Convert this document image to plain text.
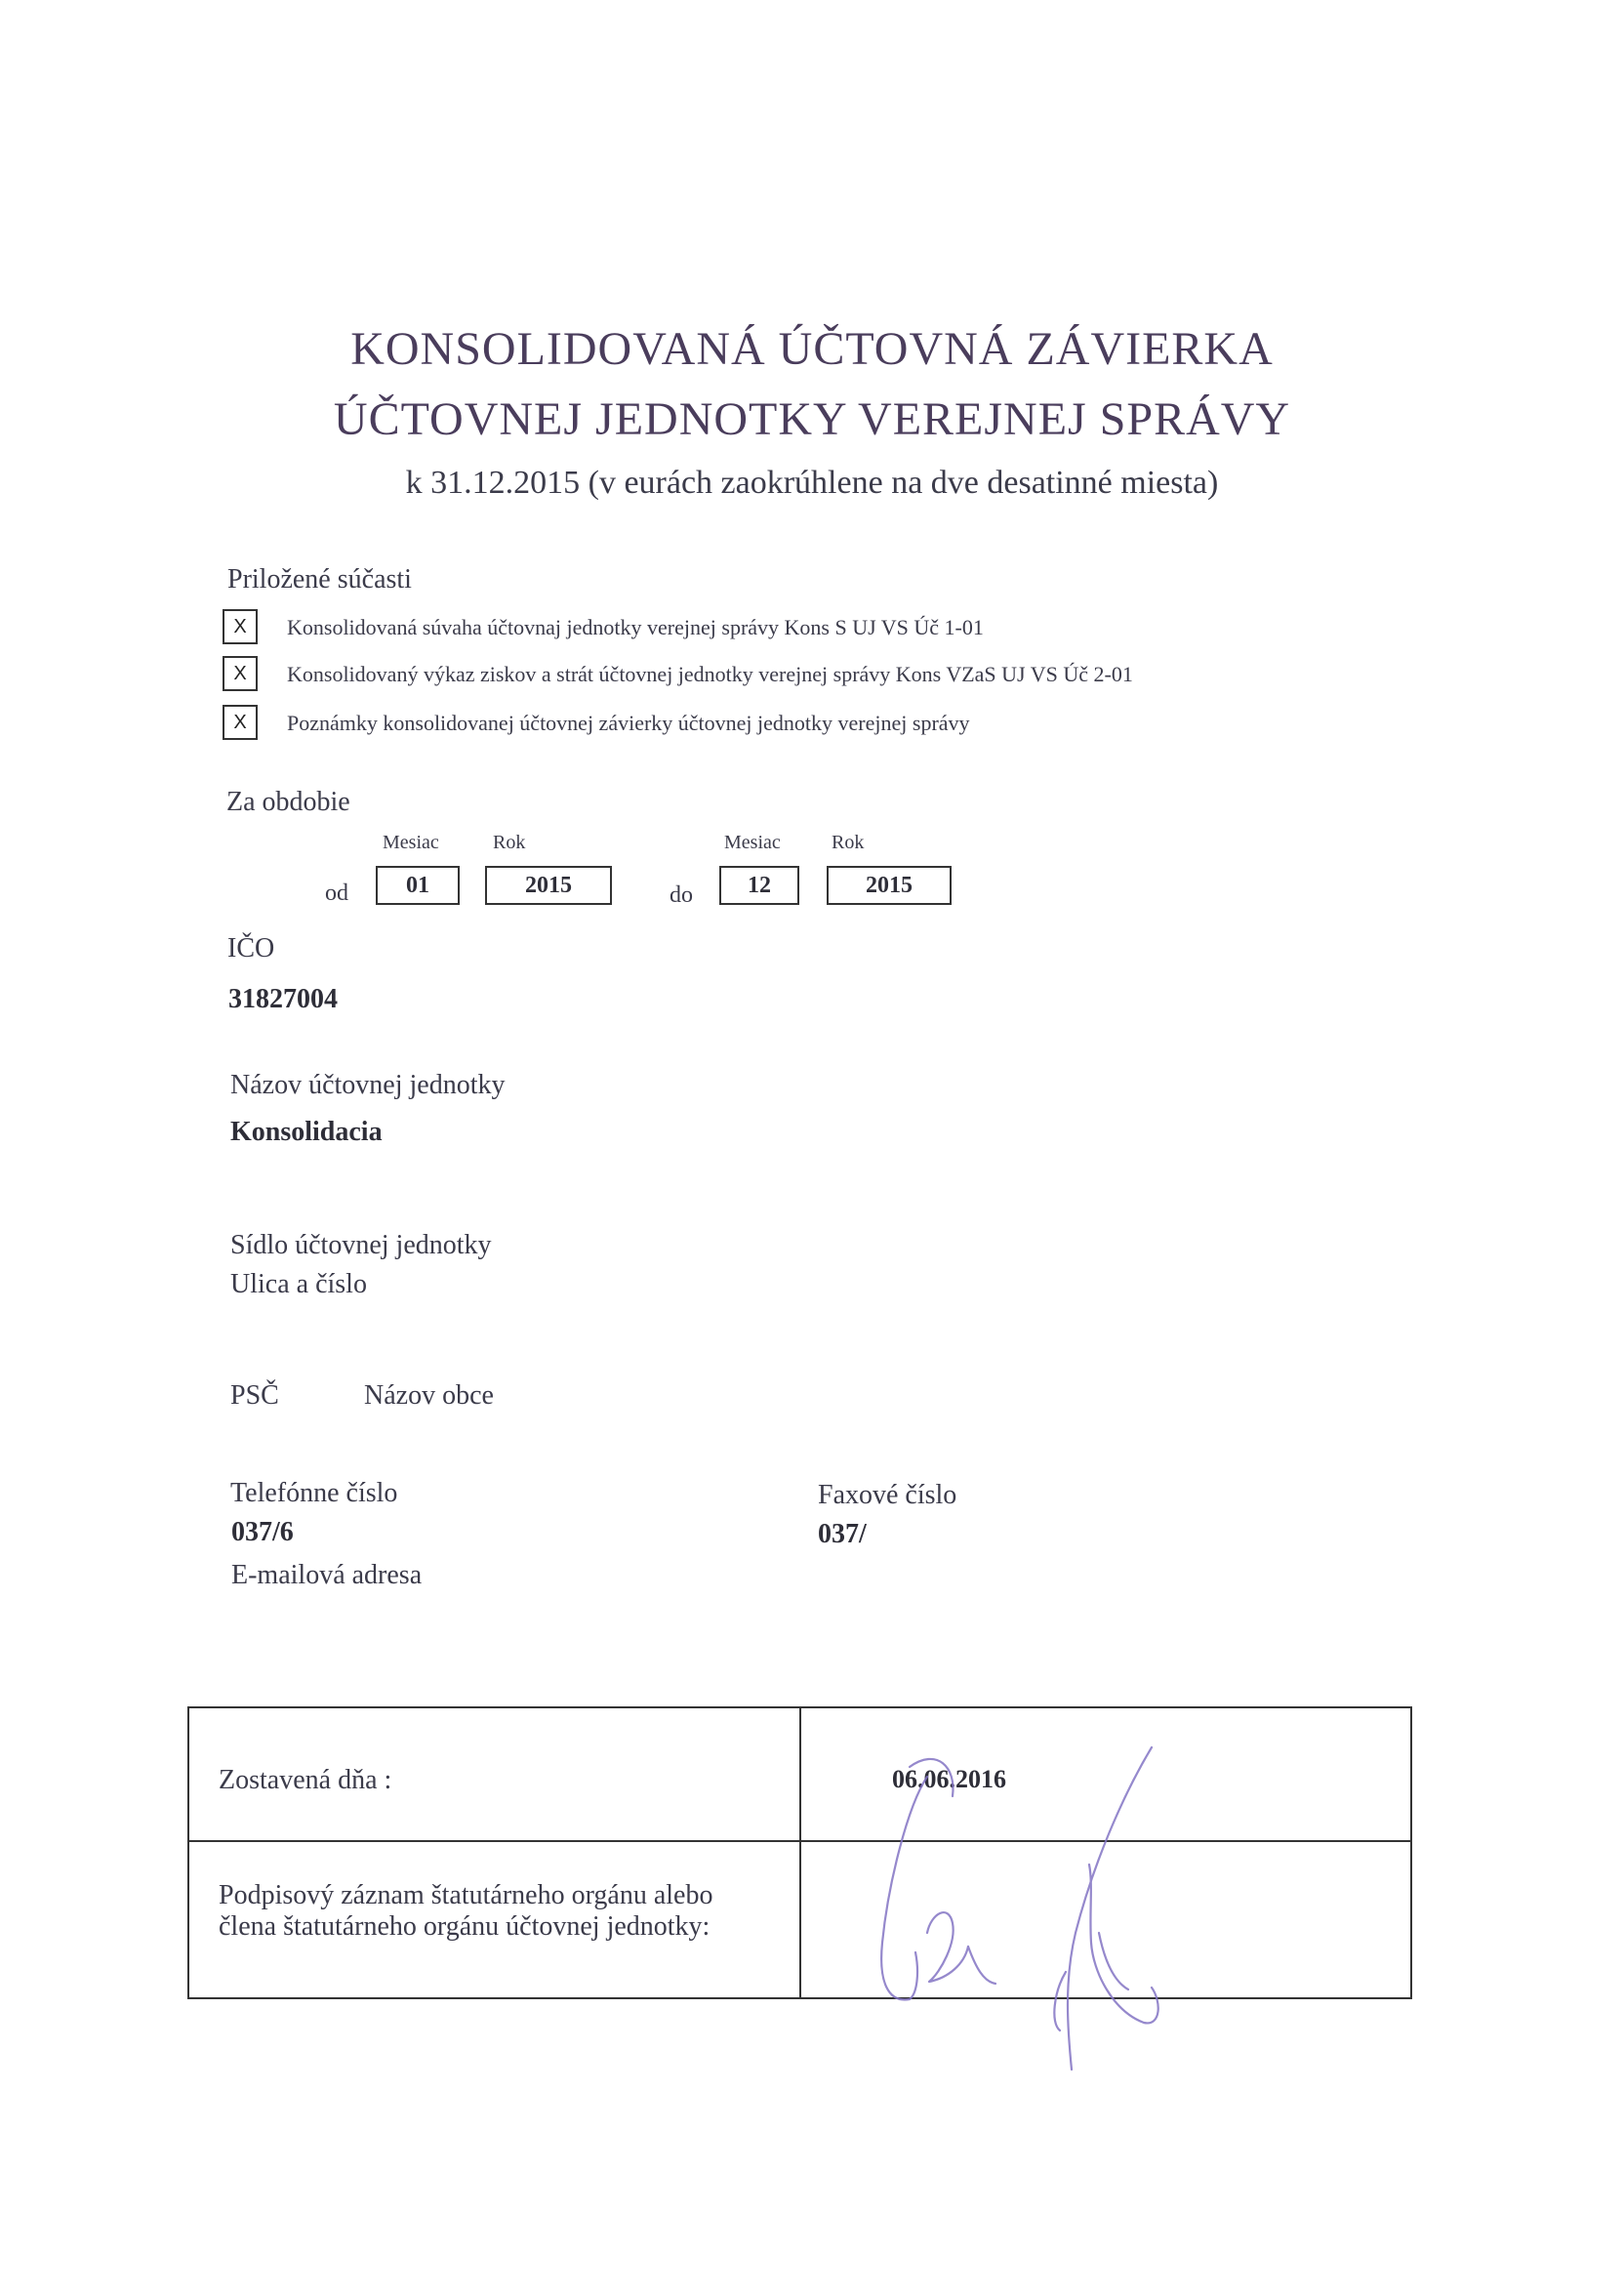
KONSOLIDOVANÁ ÚČTOVNÁ ZÁVIERKA
ÚČTOVNEJ JEDNOTKY VEREJNEJ SPRÁVY
k 31.12.2015 (v eurách zaokrúhlene na dve desatinné miesta)
Priložené súčasti
X	Konsolidovaná súvaha účtovnaj jednotky verejnej správy Kons S UJ VS Úč 1-01
X	Konsolidovaný výkaz ziskov a strát účtovnej jednotky verejnej správy Kons VZaS UJ VS Úč 2-01
X	Poznámky konsolidovanej účtovnej závierky účtovnej jednotky verejnej správy
Za obdobie
Mesiac	Rok	Mesiac	Rok
od	01	2015	do	12	2015
IČO
31827004
Názov účtovnej jednotky
Konsolidacia
Sídlo účtovnej jednotky
Ulica a číslo
PSČ	Názov obce
Telefónne číslo
037/6
Faxové číslo
037/
E-mailová adresa
Zostavená dňa :	06.06.2016
Podpisový záznam štatutárneho orgánu alebo
člena štatutárneho orgánu účtovnej jednotky:
